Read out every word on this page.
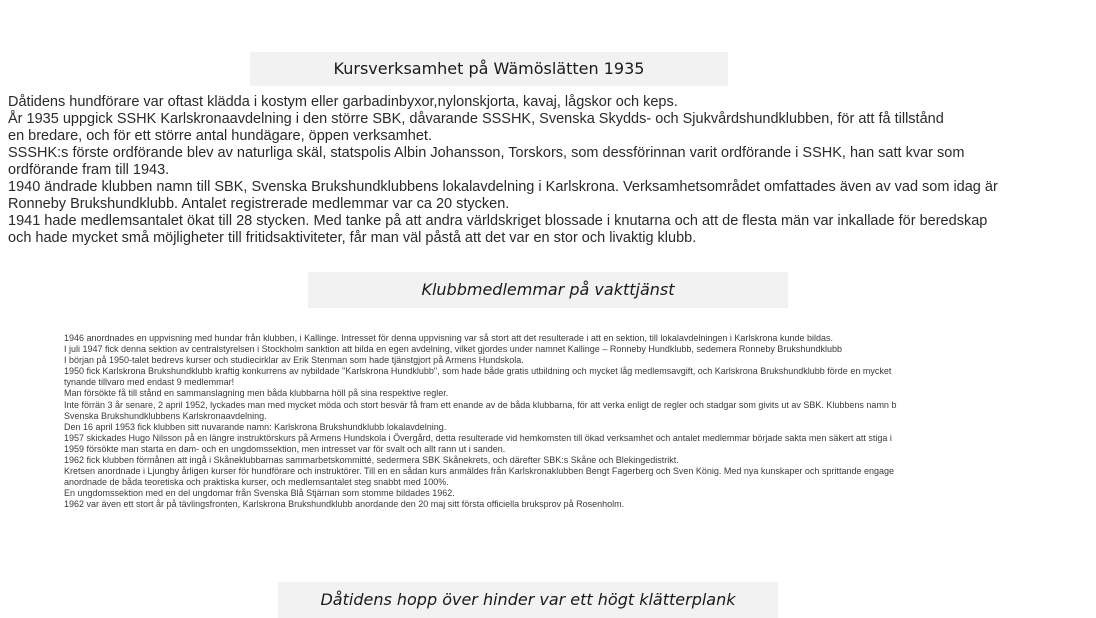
Kursverksamhet på Wämöslätten 1935
Dåtidens hundförare var oftast klädda i kostym eller garbadinbyxor,nylonskjorta, kavaj, lågskor och keps.
År 1935 uppgick SSHK Karlskronaavdelning i den större SBK, dåvarande SSSHK, Svenska Skydds- och Sjukvårdshundklubben, för att få tillstånd
en bredare, och för ett större antal hundägare, öppen verksamhet.
SSSHK:s förste ordförande blev av naturliga skäl, statspolis Albin Johansson, Torskors, som dessförinnan varit ordförande i SSHK, han satt kvar som
ordförande fram till 1943.
1940 ändrade klubben namn till SBK, Svenska Brukshundklubbens lokalavdelning i Karlskrona. Verksamhetsområdet omfattades även av vad som idag är
Ronneby Brukshundklubb. Antalet registrerade medlemmar var ca 20 stycken.
1941 hade medlemsantalet ökat till 28 stycken. Med tanke på att andra världskriget blossade i knutarna och att de flesta män var inkallade för beredskap
och hade mycket små möjligheter till fritidsaktiviteter, får man väl påstå att det var en stor och livaktig klubb.
Klubbmedlemmar på vakttjänst
1946 anordnades en uppvisning med hundar från klubben, i Kallinge. Intresset för denna uppvisning var så stort att det resulterade i att en sektion, till lokalavdelningen i Karlskrona kunde bildas.
I juli 1947 fick denna sektion av centralstyrelsen i Stockholm sanktion att bilda en egen avdelning, vilket gjordes under namnet Kallinge – Ronneby Hundklubb, sedemera Ronneby Brukshundklubb
I början på 1950-talet bedrevs kurser och studiecirklar av Erik Stenman som hade tjänstgjort på Armens Hundskola.
1950 fick Karlskrona Brukshundklubb kraftig konkurrens av nybildade "Karlskrona Hundklubb", som hade både gratis utbildning och mycket låg medlemsavgift, och Karlskrona Brukshundklubb förde en mycket
tynande tillvaro med endast 9 medlemmar!
Man försökte få till stånd en sammanslagning men båda klubbarna höll på sina respektive regler.
Inte förrän 3 år senare, 2 april 1952, lyckades man med mycket möda och stort besvär få fram ett enande av de båda klubbarna, för att verka enligt de regler och stadgar som givits ut av SBK. Klubbens namn b
Svenska Brukshundklubbens Karlskronaavdelning.
Den 16 april 1953 fick klubben sitt nuvarande namn: Karlskrona Brukshundklubb lokalavdelning.
1957 skickades Hugo Nilsson på en längre instruktörskurs på Armens Hundskola i Övergård, detta resulterade vid hemkomsten till ökad verksamhet och antalet medlemmar började sakta men säkert att stiga i
1959 försökte man starta en dam- och en ungdomssektion, men intresset var för svalt och allt rann ut i sanden.
1962 fick klubben förmånen att ingå i Skåneklubbarnas sammarbetskommitté, sedermera SBK Skånekrets, och därefter SBK:s Skåne och Blekingedistrikt.
Kretsen anordnade i Ljungby årligen kurser för hundförare och instruktörer. Till en en sådan kurs anmäldes från Karlskronaklubben Bengt Fagerberg och Sven König. Med nya kunskaper och sprittande engage
anordnade de båda teoretiska och praktiska kurser, och medlemsantalet steg snabbt med 100%.
En ungdomssektion med en del ungdomar från Svenska Blå Stjärnan som stomme bildades 1962.
1962 var även ett stort år på tävlingsfronten, Karlskrona Brukshundklubb anordande den 20 maj sitt första officiella bruksprov på Rosenholm.
Dåtidens hopp över hinder var ett högt klätterplank
